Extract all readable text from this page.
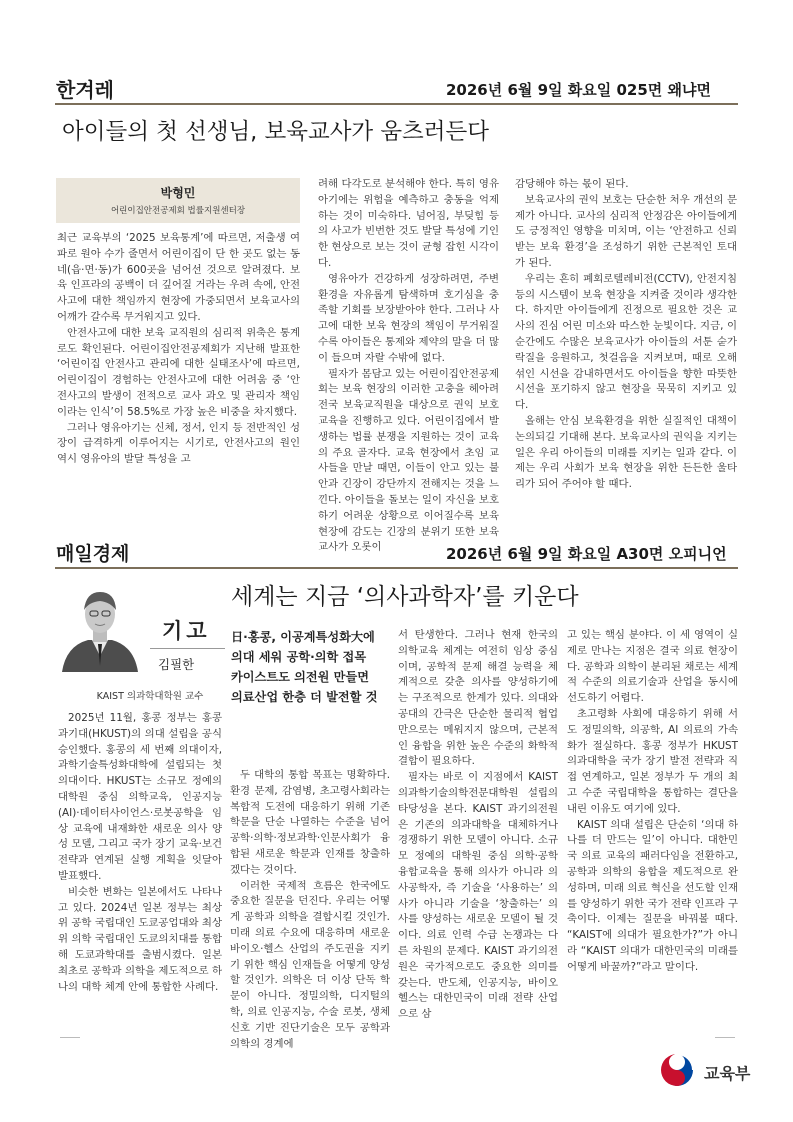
한겨레	2026년 6월 9일 화요일 025면 왜냐면
아이들의 첫 선생님, 보육교사가 움츠러든다
박형민
어린이집안전공제회 법률지원센터장

최근 교육부의 ‘2025 보육통계’에 따르면, 저출생 여파로 원아 수가 줄면서 어린이집이 단 한 곳도 없는 동네(읍·면·동)가 600곳을 넘어선 것으로 알려졌다. 보육 인프라의 공백이 더 깊어질 거라는 우려 속에, 안전사고에 대한 책임까지 현장에 가중되면서 보육교사의 어깨가 갈수록 무거워지고 있다.

안전사고에 대한 보육 교직원의 심리적 위축은 통계로도 확인된다. 어린이집안전공제회가 지난해 발표한 ‘어린이집 안전사고 관리에 대한 실태조사’에 따르면, 어린이집이 경험하는 안전사고에 대한 어려움 중 ‘안전사고의 발생이 전적으로 교사 과오 및 관리자 책임이라는 인식’이 58.5%로 가장 높은 비중을 차지했다.

그러나 영유아기는 신체, 정서, 인지 등 전반적인 성장이 급격하게 이루어지는 시기로, 안전사고의 원인 역시 영유아의 발달 특성을 고

려해 다각도로 분석해야 한다. 특히 영유아기에는 위험을 예측하고 충동을 억제하는 것이 미숙하다. 넘어짐, 부딪힘 등의 사고가 빈번한 것도 발달 특성에 기인한 현상으로 보는 것이 균형 잡힌 시각이다.

영유아가 건강하게 성장하려면, 주변 환경을 자유롭게 탐색하며 호기심을 충족할 기회를 보장받아야 한다. 그러나 사고에 대한 보육 현장의 책임이 무거워질수록 아이들은 통제와 제약의 말을 더 많이 들으며 자랄 수밖에 없다.

필자가 몸담고 있는 어린이집안전공제회는 보육 현장의 이러한 고충을 헤아려 전국 보육교직원을 대상으로 권익 보호 교육을 진행하고 있다. 어린이집에서 발생하는 법률 분쟁을 지원하는 것이 교육의 주요 골자다. 교육 현장에서 초임 교사들을 만날 때면, 이들이 안고 있는 불안과 긴장이 강단까지 전해지는 것을 느낀다. 아이들을 돌보는 일이 자신을 보호하기 어려운 상황으로 이어질수록 보육 현장에 감도는 긴장의 분위기 또한 보육교사가 오롯이

감당해야 하는 몫이 된다.

보육교사의 권익 보호는 단순한 처우 개선의 문제가 아니다. 교사의 심리적 안정감은 아이들에게도 긍정적인 영향을 미치며, 이는 ‘안전하고 신뢰받는 보육 환경’을 조성하기 위한 근본적인 토대가 된다.

우리는 흔히 폐회로텔레비전(CCTV), 안전지침 등의 시스템이 보육 현장을 지켜줄 것이라 생각한다. 하지만 아이들에게 진정으로 필요한 것은 교사의 진심 어린 미소와 따스한 눈빛이다. 지금, 이 순간에도 수많은 보육교사가 아이들의 서툰 숟가락질을 응원하고, 첫걸음을 지켜보며, 때로 오해 섞인 시선을 감내하면서도 아이들을 향한 따뜻한 시선을 포기하지 않고 현장을 묵묵히 지키고 있다.

올해는 안심 보육환경을 위한 실질적인 대책이 논의되길 기대해 본다. 보육교사의 권익을 지키는 일은 우리 아이들의 미래를 지키는 일과 같다. 이제는 우리 사회가 보육 현장을 위한 든든한 울타리가 되어 주어야 할 때다.

매일경제	2026년 6월 9일 화요일 A30면 오피니언
세계는 지금 ‘의사과학자’를 키운다
기고
김필한
KAIST 의과학대학원 교수
日·홍콩, 이공계특성화大에
의대 세워 공학·의학 접목
카이스트도 의전원 만들면
의료산업 한층 더 발전할 것

2025년 11월, 홍콩 정부는 홍콩과기대(HKUST)의 의대 설립을 공식 승인했다. 홍콩의 세 번째 의대이자, 과학기술특성화대학에 설립되는 첫 의대이다. HKUST는 소규모 정예의 대학원 중심 의학교육, 인공지능(AI)·데이터사이언스·로봇공학을 임상 교육에 내재화한 새로운 의사 양성 모델, 그리고 국가 장기 교육·보건 전략과 연계된 실행 계획을 잇달아 발표했다.

비슷한 변화는 일본에서도 나타나고 있다. 2024년 일본 정부는 최상위 공학 국립대인 도쿄공업대와 최상위 의학 국립대인 도쿄의치대를 통합해 도쿄과학대를 출범시켰다. 일본 최초로 공학과 의학을 제도적으로 하나의 대학 체계 안에 통합한 사례다.

두 대학의 통합 목표는 명확하다. 환경 문제, 감염병, 초고령사회라는 복합적 도전에 대응하기 위해 기존 학문을 단순 나열하는 수준을 넘어 공학·의학·정보과학·인문사회가 융합된 새로운 학문과 인재를 창출하겠다는 것이다.

이러한 국제적 흐름은 한국에도 중요한 질문을 던진다. 우리는 어떻게 공학과 의학을 결합시킬 것인가. 미래 의료 수요에 대응하며 새로운 바이오·헬스 산업의 주도권을 지키기 위한 핵심 인재들을 어떻게 양성할 것인가. 의학은 더 이상 단독 학문이 아니다. 정밀의학, 디지털의학, 의료 인공지능, 수술 로봇, 생체신호 기반 진단기술은 모두 공학과 의학의 경계에

서 탄생한다. 그러나 현재 한국의 의학교육 체계는 여전히 임상 중심이며, 공학적 문제 해결 능력을 체계적으로 갖춘 의사를 양성하기에는 구조적으로 한계가 있다. 의대와 공대의 간극은 단순한 물리적 협업만으로는 메워지지 않으며, 근본적인 융합을 위한 높은 수준의 화학적 결합이 필요하다.

필자는 바로 이 지점에서 KAIST의과학기술의학전문대학원 설립의 타당성을 본다. KAIST 과기의전원은 기존의 의과대학을 대체하거나 경쟁하기 위한 모델이 아니다. 소규모 정예의 대학원 중심 의학·공학 융합교육을 통해 의사가 아니라 의사공학자, 즉 기술을 ‘사용하는’ 의사가 아니라 기술을 ‘창출하는’ 의사를 양성하는 새로운 모델이 될 것이다. 의료 인력 수급 논쟁과는 다른 차원의 문제다. KAIST 과기의전원은 국가적으로도 중요한 의미를 갖는다. 반도체, 인공지능, 바이오헬스는 대한민국이 미래 전략 산업으로 삼

고 있는 핵심 분야다. 이 세 영역이 실제로 만나는 지점은 결국 의료 현장이다. 공학과 의학이 분리된 채로는 세계적 수준의 의료기술과 산업을 동시에 선도하기 어렵다.

초고령화 사회에 대응하기 위해 서도 정밀의학, 의공학, AI 의료의 가속화가 절실하다. 홍콩 정부가 HKUST 의과대학을 국가 장기 발전 전략과 직접 연계하고, 일본 정부가 두 개의 최고 수준 국립대학을 통합하는 결단을 내린 이유도 여기에 있다.

KAIST 의대 설립은 단순히 ‘의대 하나를 더 만드는 일’이 아니다. 대한민국 의료 교육의 패러다임을 전환하고, 공학과 의학의 융합을 제도적으로 완성하며, 미래 의료 혁신을 선도할 인재를 양성하기 위한 국가 전략 인프라 구축이다. 이제는 질문을 바꿔볼 때다. “KAIST에 의대가 필요한가?”가 아니라 “KAIST 의대가 대한민국의 미래를 어떻게 바꿀까?”라고 말이다.

교육부
